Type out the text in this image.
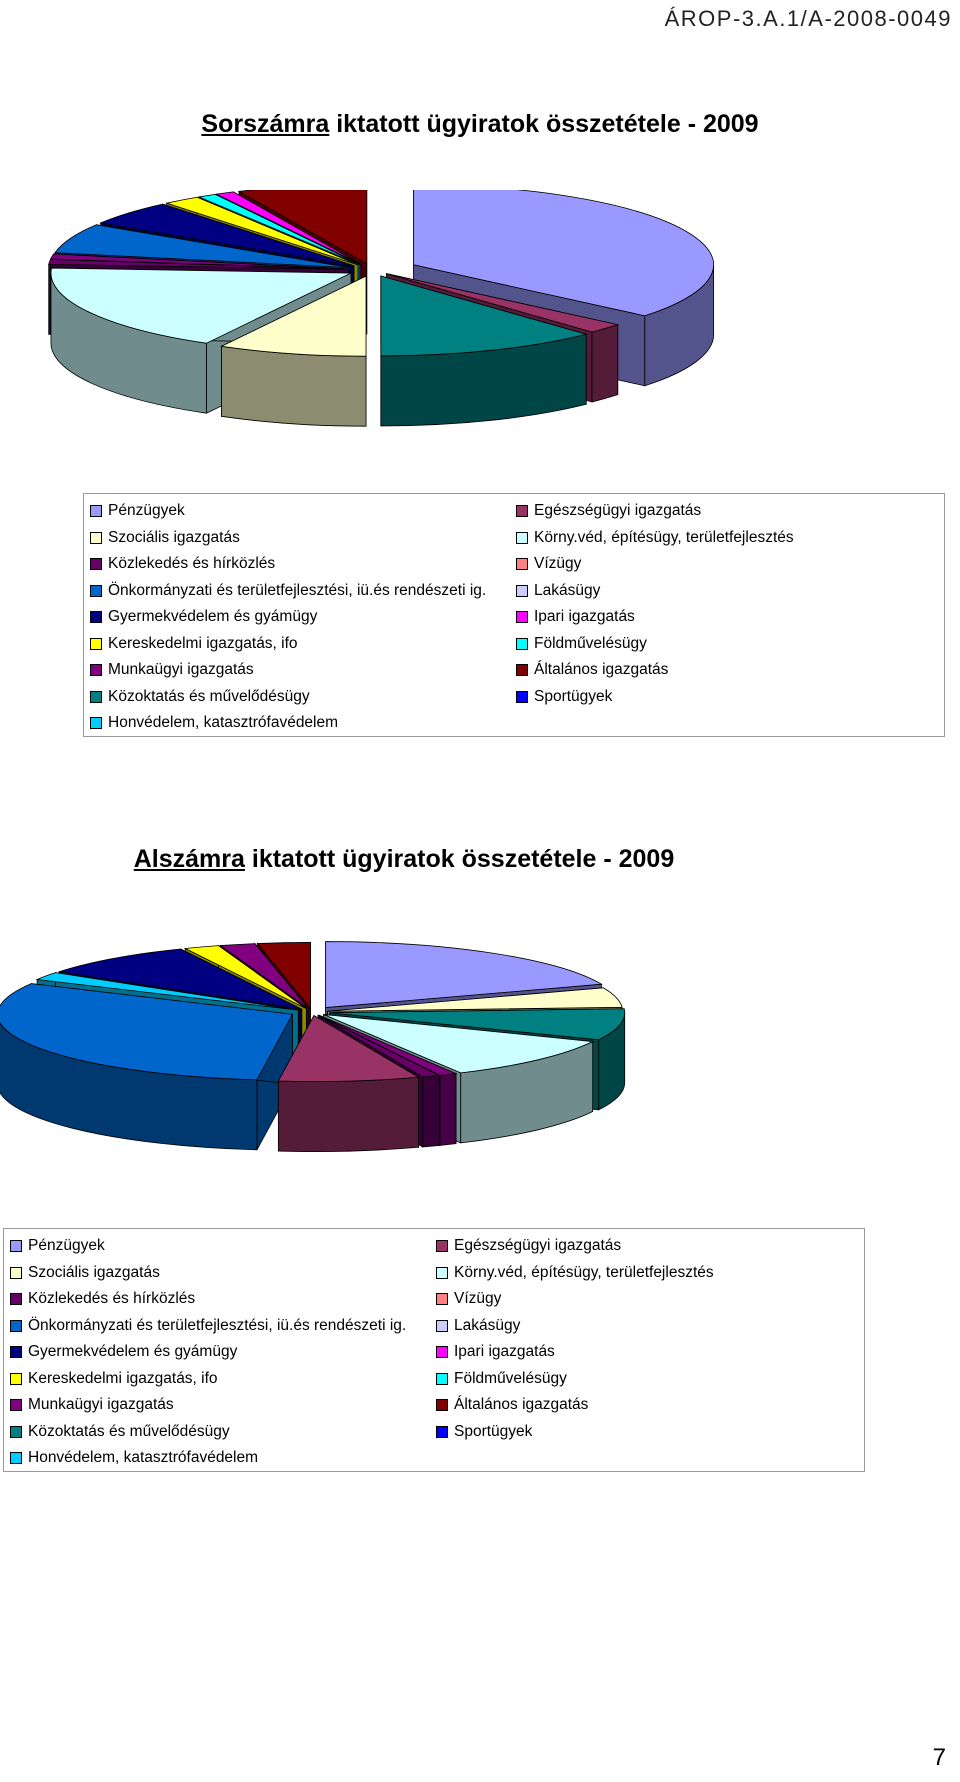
ÁROP-3.A.1/A-2008-0049
Sorszámra iktatott ügyiratok összetétele - 2009
Pénzügyek
Szociális igazgatás
Közlekedés és hírközlés
Önkormányzati és területfejlesztési, iü.és rendészeti ig.
Gyermekvédelem és gyámügy
Kereskedelmi igazgatás, ifo
Munkaügyi igazgatás
Közoktatás és művelődésügy
Honvédelem, katasztrófavédelem
Egészségügyi igazgatás
Körny.véd, építésügy, területfejlesztés
Vízügy
Lakásügy
Ipari igazgatás
Földművelésügy
Általános igazgatás
Sportügyek
Alszámra iktatott ügyiratok összetétele - 2009
Pénzügyek
Szociális igazgatás
Közlekedés és hírközlés
Önkormányzati és területfejlesztési, iü.és rendészeti ig.
Gyermekvédelem és gyámügy
Kereskedelmi igazgatás, ifo
Munkaügyi igazgatás
Közoktatás és művelődésügy
Honvédelem, katasztrófavédelem
Egészségügyi igazgatás
Körny.véd, építésügy, területfejlesztés
Vízügy
Lakásügy
Ipari igazgatás
Földművelésügy
Általános igazgatás
Sportügyek
7
